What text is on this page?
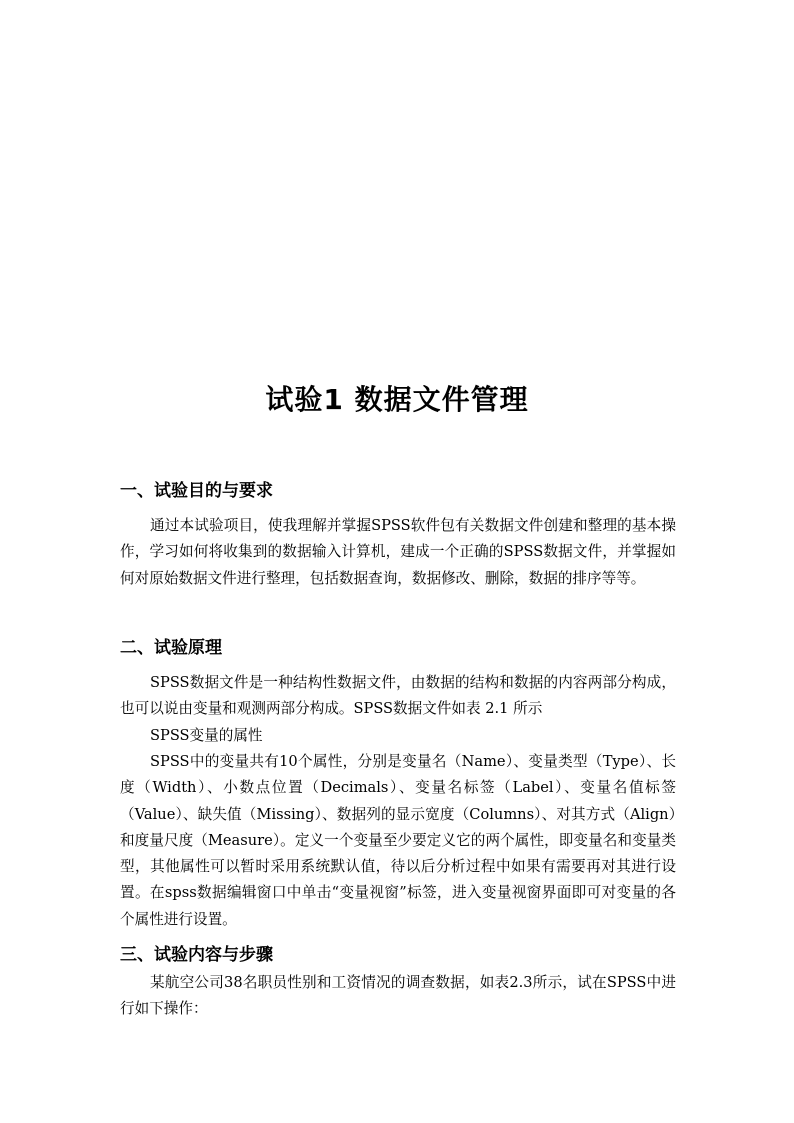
试验1 数据文件管理
一、试验目的与要求
通过本试验项目，使我理解并掌握SPSS软件包有关数据文件创建和整理的基本操作，学习如何将收集到的数据输入计算机，建成一个正确的SPSS数据文件，并掌握如何对原始数据文件进行整理，包括数据查询，数据修改、删除，数据的排序等等。
二、试验原理
SPSS数据文件是一种结构性数据文件，由数据的结构和数据的内容两部分构成，也可以说由变量和观测两部分构成。SPSS数据文件如表 2.1 所示
SPSS变量的属性
SPSS中的变量共有10个属性，分别是变量名（Name）、变量类型（Type）、长度（Width）、小数点位置（Decimals）、变量名标签（Label）、变量名值标签（Value）、缺失值（Missing）、数据列的显示宽度（Columns）、对其方式（Align）和度量尺度（Measure）。定义一个变量至少要定义它的两个属性，即变量名和变量类型，其他属性可以暂时采用系统默认值，待以后分析过程中如果有需要再对其进行设置。在spss数据编辑窗口中单击“变量视窗”标签，进入变量视窗界面即可对变量的各个属性进行设置。
三、试验内容与步骤
某航空公司38名职员性别和工资情况的调查数据，如表2.3所示，试在SPSS中进行如下操作：
